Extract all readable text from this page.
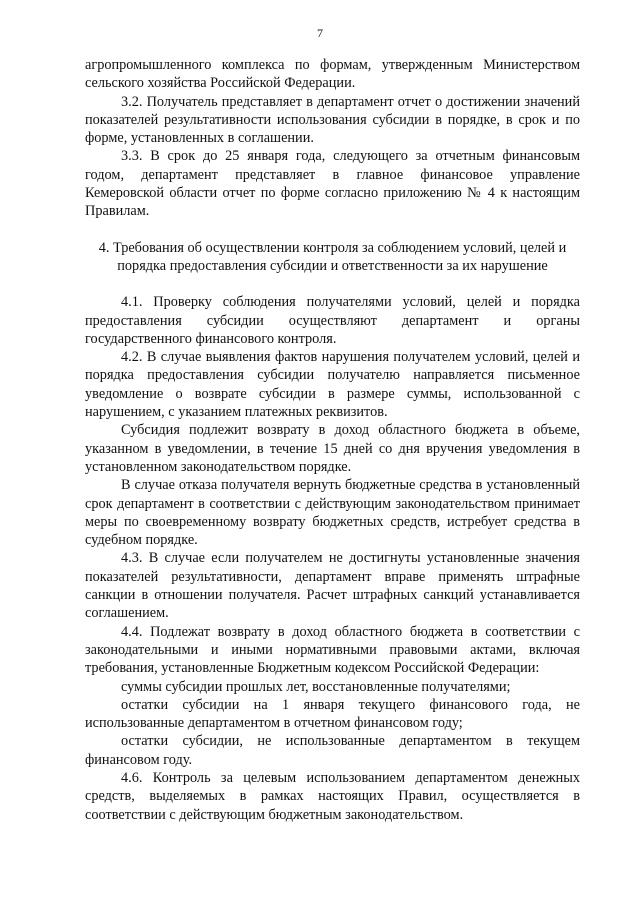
7

агропромышленного комплекса по формам, утвержденным Министерством сельского хозяйства Российской Федерации.

3.2. Получатель представляет в департамент отчет о достижении значений показателей результативности использования субсидии в порядке, в срок и по форме, установленных в соглашении.

3.3. В срок до 25 января года, следующего за отчетным финансовым годом, департамент представляет в главное финансовое управление Кемеровской области отчет по форме согласно приложению № 4 к настоящим Правилам.

4. Требования об осуществлении контроля за соблюдением условий, целей и порядка предоставления субсидии и ответственности за их нарушение

4.1. Проверку соблюдения получателями условий, целей и порядка предоставления субсидии осуществляют департамент и органы государственного финансового контроля.

4.2. В случае выявления фактов нарушения получателем условий, целей и порядка предоставления субсидии получателю направляется письменное уведомление о возврате субсидии в размере суммы, использованной с нарушением, с указанием платежных реквизитов.

Субсидия подлежит возврату в доход областного бюджета в объеме, указанном в уведомлении, в течение 15 дней со дня вручения уведомления в установленном законодательством порядке.

В случае отказа получателя вернуть бюджетные средства в установленный срок департамент в соответствии с действующим законодательством принимает меры по своевременному возврату бюджетных средств, истребует средства в судебном порядке.

4.3. В случае если получателем не достигнуты установленные значения показателей результативности, департамент вправе применять штрафные санкции в отношении получателя. Расчет штрафных санкций устанавливается соглашением.

4.4. Подлежат возврату в доход областного бюджета в соответствии с законодательными и иными нормативными правовыми актами, включая требования, установленные Бюджетным кодексом Российской Федерации:

суммы субсидии прошлых лет, восстановленные получателями;

остатки субсидии на 1 января текущего финансового года, не использованные департаментом в отчетном финансовом году;

остатки субсидии, не использованные департаментом в текущем финансовом году.

4.6. Контроль за целевым использованием департаментом денежных средств, выделяемых в рамках настоящих Правил, осуществляется в соответствии с действующим бюджетным законодательством.
